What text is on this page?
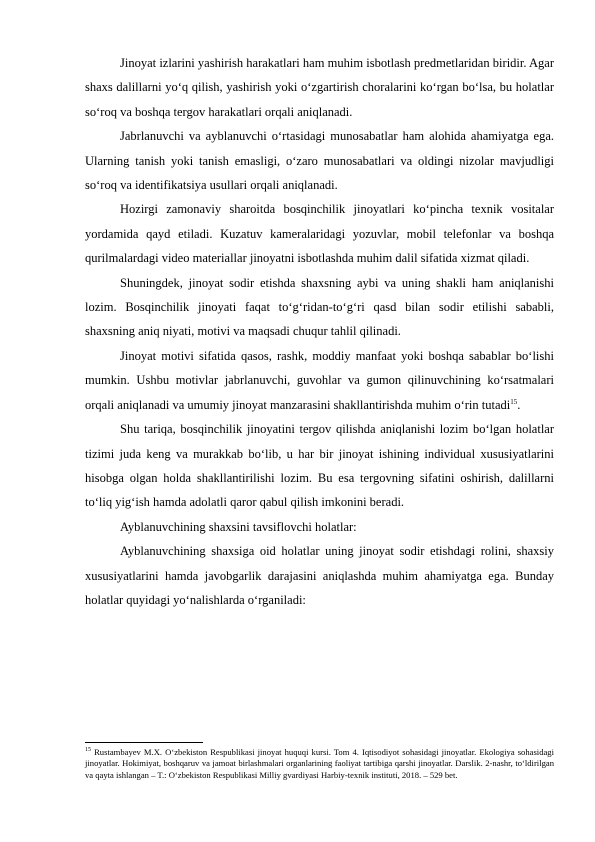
Jinoyat izlarini yashirish harakatlari ham muhim isbotlash predmetlaridan biridir. Agar shaxs dalillarni yo‘q qilish, yashirish yoki o‘zgartirish choralarini ko‘rgan bo‘lsa, bu holatlar so‘roq va boshqa tergov harakatlari orqali aniqlanadi.

Jabrlanuvchi va ayblanuvchi o‘rtasidagi munosabatlar ham alohida ahamiyatga ega. Ularning tanish yoki tanish emasligi, o‘zaro munosabatlari va oldingi nizolar mavjudligi so‘roq va identifikatsiya usullari orqali aniqlanadi.

Hozirgi zamonaviy sharoitda bosqinchilik jinoyatlari ko‘pincha texnik vositalar yordamida qayd etiladi. Kuzatuv kameralaridagi yozuvlar, mobil telefonlar va boshqa qurilmalardagi video materiallar jinoyatni isbotlashda muhim dalil sifatida xizmat qiladi.

Shuningdek, jinoyat sodir etishda shaxsning aybi va uning shakli ham aniqlanishi lozim. Bosqinchilik jinoyati faqat to‘g‘ridan-to‘g‘ri qasd bilan sodir etilishi sababli, shaxsning aniq niyati, motivi va maqsadi chuqur tahlil qilinadi.

Jinoyat motivi sifatida qasos, rashk, moddiy manfaat yoki boshqa sabablar bo‘lishi mumkin. Ushbu motivlar jabrlanuvchi, guvohlar va gumon qilinuvchining ko‘rsatmalari orqali aniqlanadi va umumiy jinoyat manzarasini shakllantirishda muhim o‘rin tutadi$^{15}$.

Shu tariqa, bosqinchilik jinoyatini tergov qilishda aniqlanishi lozim bo‘lgan holatlar tizimi juda keng va murakkab bo‘lib, u har bir jinoyat ishining individual xususiyatlarini hisobga olgan holda shakllantirilishi lozim. Bu esa tergovning sifatini oshirish, dalillarni to‘liq yig‘ish hamda adolatli qaror qabul qilish imkonini beradi.

Ayblanuvchining shaxsini tavsiflovchi holatlar:

Ayblanuvchining shaxsiga oid holatlar uning jinoyat sodir etishdagi rolini, shaxsiy xususiyatlarini hamda javobgarlik darajasini aniqlashda muhim ahamiyatga ega. Bunday holatlar quyidagi yo‘nalishlarda o‘rganiladi:

$^{15}$ Rustambayev M.X. O‘zbekiston Respublikasi jinoyat huquqi kursi. Tom 4. Iqtisodiyot sohasidagi jinoyatlar. Ekologiya sohasidagi jinoyatlar. Hokimiyat, boshqaruv va jamoat birlashmalari organlarining faoliyat tartibiga qarshi jinoyatlar. Darslik. 2-nashr, to‘ldirilgan va qayta ishlangan – T.: O‘zbekiston Respublikasi Milliy gvardiyasi Harbiy-texnik instituti, 2018. – 529 bet.
